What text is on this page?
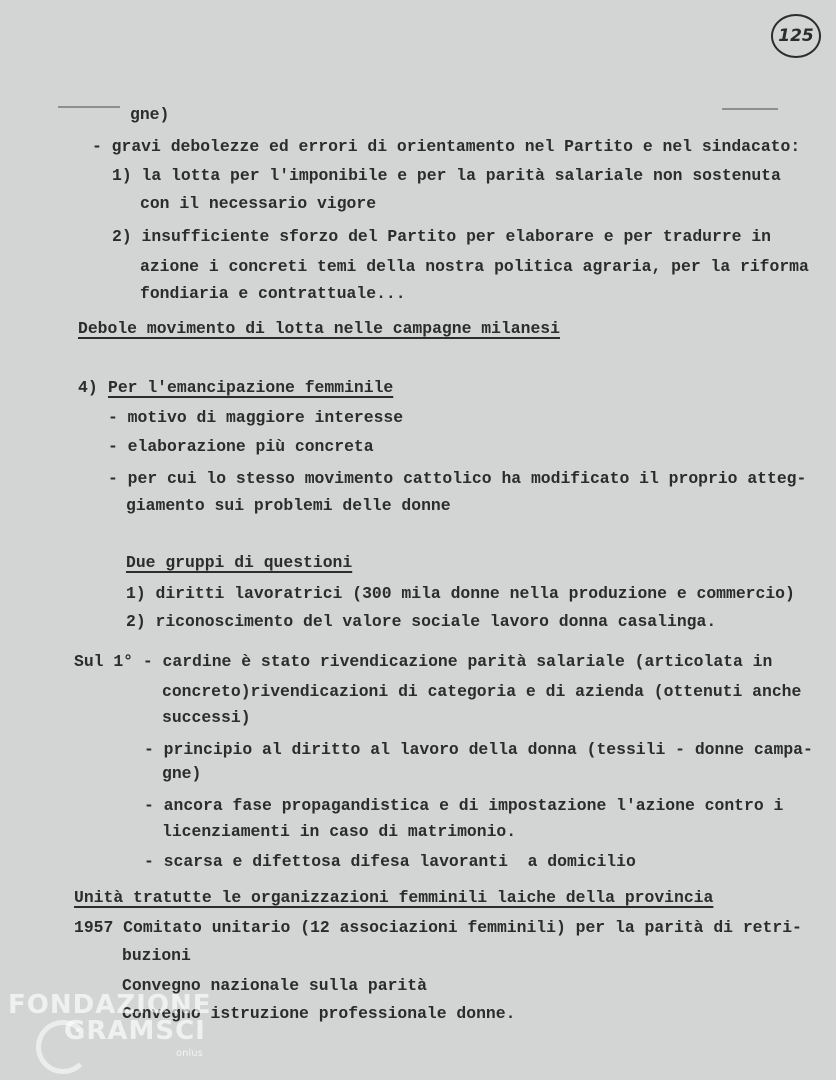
125
gne)
- gravi debolezze ed errori di orientamento nel Partito e nel sindacato:
1) la lotta per l'imponibile e per la parità salariale non sostenuta
con il necessario vigore
2) insufficiente sforzo del Partito per elaborare e per tradurre in
azione i concreti temi della nostra politica agraria, per la riforma
fondiaria e contrattuale...
Debole movimento di lotta nelle campagne milanesi
4) Per l'emancipazione femminile
- motivo di maggiore interesse
- elaborazione più concreta
- per cui lo stesso movimento cattolico ha modificato il proprio atteg-
giamento sui problemi delle donne
Due gruppi di questioni
1) diritti lavoratrici (300 mila donne nella produzione e commercio)
2) riconoscimento del valore sociale lavoro donna casalinga.
Sul 1° - cardine è stato rivendicazione parità salariale (articolata in
concreto)rivendicazioni di categoria e di azienda (ottenuti anche
successi)
- principio al diritto al lavoro della donna (tessili - donne campa-
gne)
- ancora fase propagandistica e di impostazione l'azione contro i
licenziamenti in caso di matrimonio.
- scarsa e difettosa difesa lavoranti  a domicilio
Unità tratutte le organizzazioni femminili laiche della provincia
1957 Comitato unitario (12 associazioni femminili) per la parità di retri-
buzioni
Convegno nazionale sulla parità
Convegno istruzione professionale donne.
FONDAZIONE
GRAMSCI
onlus
